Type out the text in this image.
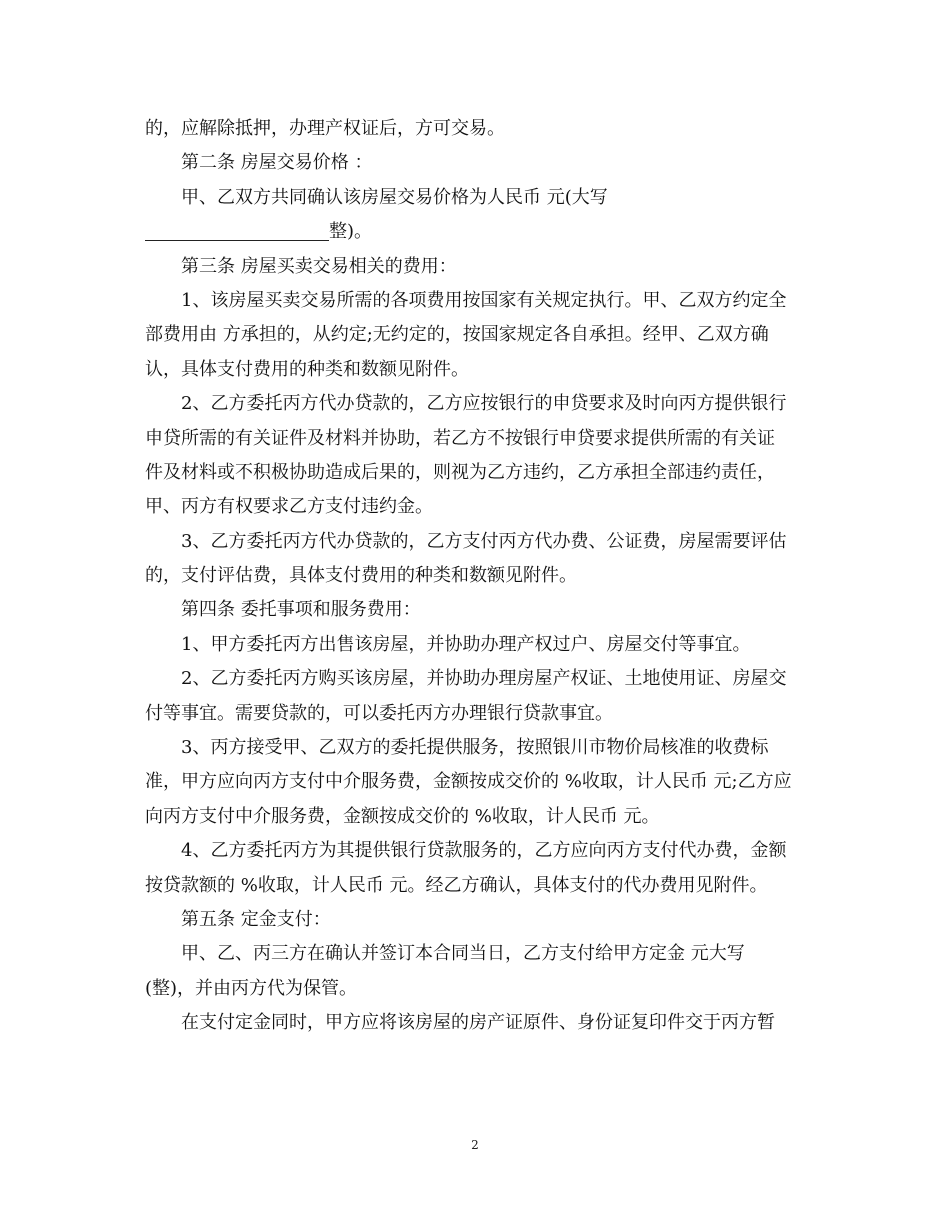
的，应解除抵押，办理产权证后，方可交易。
第二条 房屋交易价格 ：
甲、乙双方共同确认该房屋交易价格为人民币 元(大写
整)。
第三条 房屋买卖交易相关的费用：
1、该房屋买卖交易所需的各项费用按国家有关规定执行。甲、乙双方约定全
部费用由 方承担的，从约定;无约定的，按国家规定各自承担。经甲、乙双方确
认，具体支付费用的种类和数额见附件。
2、乙方委托丙方代办贷款的，乙方应按银行的申贷要求及时向丙方提供银行
申贷所需的有关证件及材料并协助，若乙方不按银行申贷要求提供所需的有关证
件及材料或不积极协助造成后果的，则视为乙方违约，乙方承担全部违约责任，
甲、丙方有权要求乙方支付违约金。
3、乙方委托丙方代办贷款的，乙方支付丙方代办费、公证费，房屋需要评估
的，支付评估费，具体支付费用的种类和数额见附件。
第四条 委托事项和服务费用：
1、甲方委托丙方出售该房屋，并协助办理产权过户、房屋交付等事宜。
2、乙方委托丙方购买该房屋，并协助办理房屋产权证、土地使用证、房屋交
付等事宜。需要贷款的，可以委托丙方办理银行贷款事宜。
3、丙方接受甲、乙双方的委托提供服务，按照银川市物价局核准的收费标
准，甲方应向丙方支付中介服务费，金额按成交价的 %收取，计人民币 元;乙方应
向丙方支付中介服务费，金额按成交价的 %收取，计人民币 元。
4、乙方委托丙方为其提供银行贷款服务的，乙方应向丙方支付代办费，金额
按贷款额的 %收取，计人民币 元。经乙方确认，具体支付的代办费用见附件。
第五条 定金支付：
甲、乙、丙三方在确认并签订本合同当日，乙方支付给甲方定金 元大写
(整)，并由丙方代为保管。
在支付定金同时，甲方应将该房屋的房产证原件、身份证复印件交于丙方暂
2
